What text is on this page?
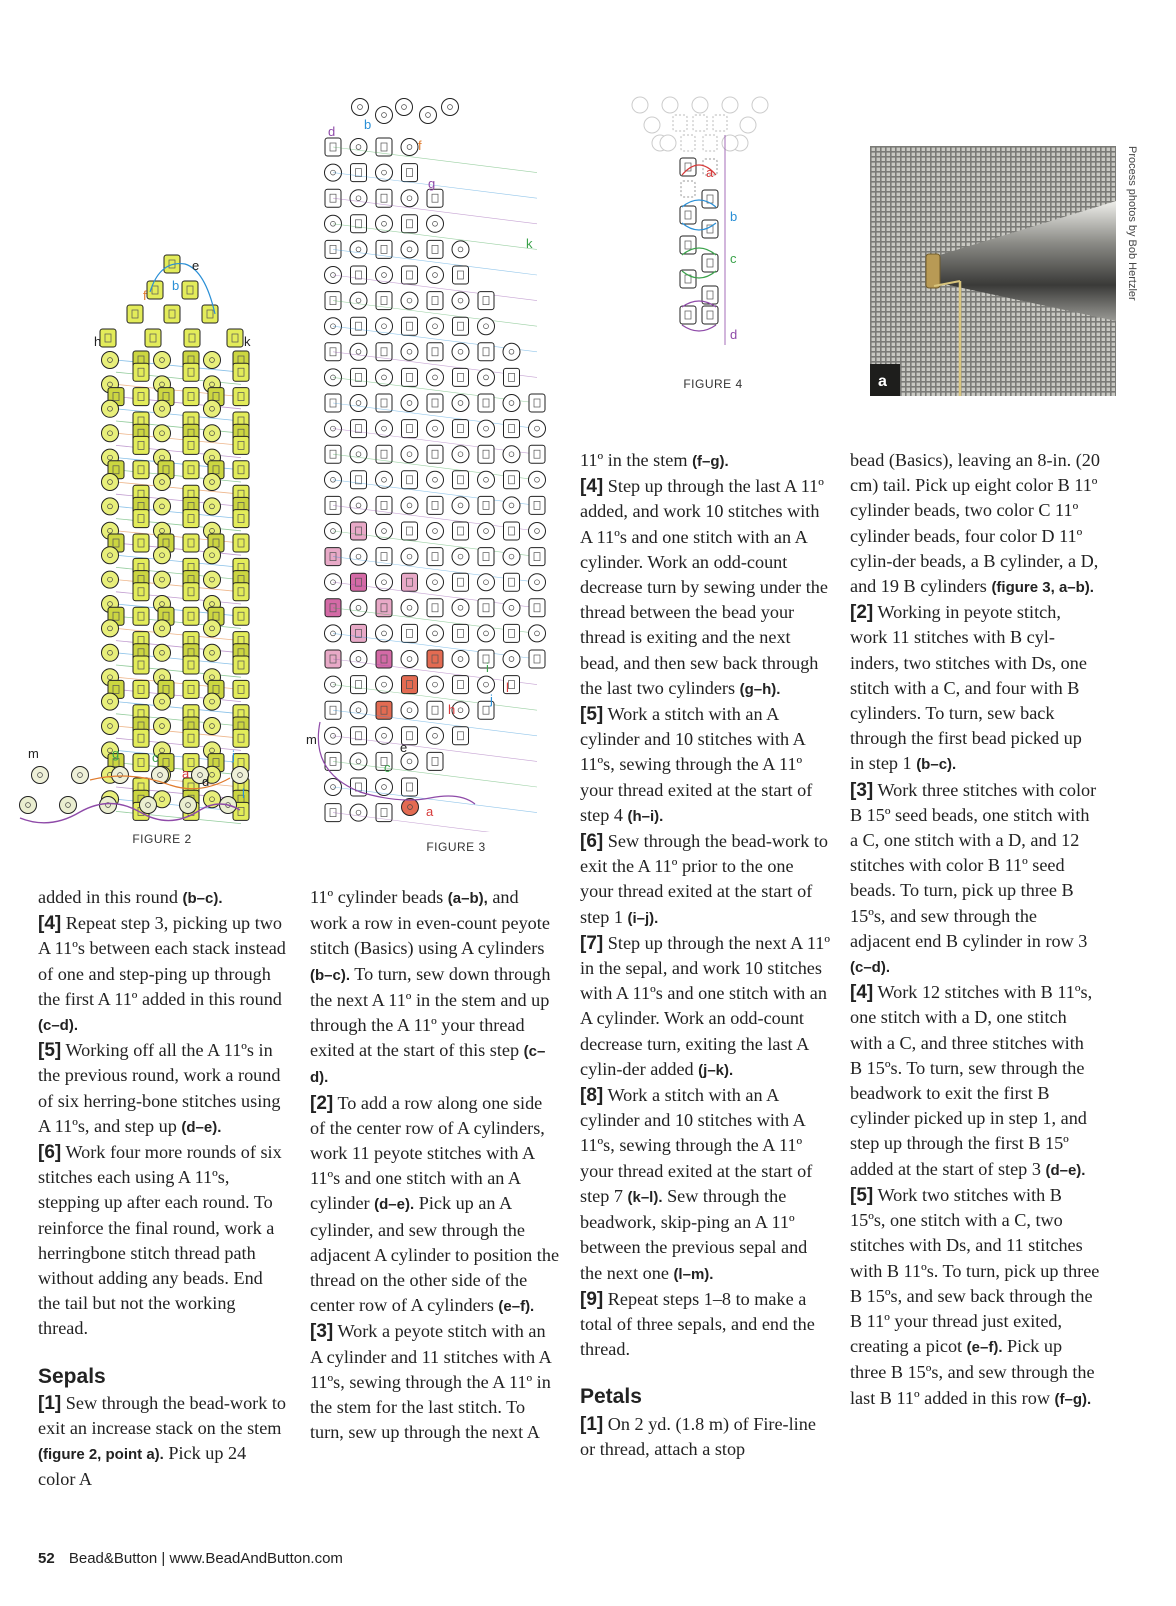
e
b
f
h	k
m	g	c
a
d
j
l
FIGURE 2
d b
f
g
k
i
j
h
l
m
e
c
a
FIGURE 3
a
b
c
d
FIGURE 4	a
Process photos by Bob Hertzler

added in this round (b–c).

[4] Repeat step 3, picking up two A 11ºs between each stack instead of one and step-ping up through the first A 11º added in this round (c–d).

[5] Working off all the A 11ºs in the previous round, work a round of six herring-bone stitches using A 11ºs, and step up (d–e).

[6] Work four more rounds of six stitches each using A 11ºs, stepping up after each round. To reinforce the final round, work a herringbone stitch thread path without adding any beads. End the tail but not the working thread.

Sepals

[1] Sew through the bead-work to exit an increase stack on the stem (figure 2, point a). Pick up 24 color A

11º cylinder beads (a–b), and work a row in even-count peyote stitch (Basics) using A cylinders (b–c). To turn, sew down through the next A 11º in the stem and up through the A 11º your thread exited at the start of this step (c–d).

[2] To add a row along one side of the center row of A cylinders, work 11 peyote stitches with A 11ºs and one stitch with an A cylinder (d–e). Pick up an A cylinder, and sew through the adjacent A cylinder to position the thread on the other side of the center row of A cylinders (e–f).

[3] Work a peyote stitch with an A cylinder and 11 stitches with A 11ºs, sewing through the A 11º in the stem for the last stitch. To turn, sew up through the next A

11º in the stem (f–g).

[4] Step up through the last A 11º added, and work 10 stitches with A 11ºs and one stitch with an A cylinder. Work an odd-count decrease turn by sewing under the thread between the bead your thread is exiting and the next bead, and then sew back through the last two cylinders (g–h).

[5] Work a stitch with an A cylinder and 10 stitches with A 11ºs, sewing through the A 11º your thread exited at the start of step 4 (h–i).

[6] Sew through the bead-work to exit the A 11º prior to the one your thread exited at the start of step 1 (i–j).

[7] Step up through the next A 11º in the sepal, and work 10 stitches with A 11ºs and one stitch with an A cylinder. Work an odd-count decrease turn, exiting the last A cylin-der added (j–k).

[8] Work a stitch with an A cylinder and 10 stitches with A 11ºs, sewing through the A 11º your thread exited at the start of step 7 (k–l). Sew through the beadwork, skip-ping an A 11º between the previous sepal and the next one (l–m).

[9] Repeat steps 1–8 to make a total of three sepals, and end the thread.

Petals

[1] On 2 yd. (1.8 m) of Fire-line or thread, attach a stop

bead (Basics), leaving an 8-in. (20 cm) tail. Pick up eight color B 11º cylinder beads, two color C 11º cylinder beads, four color D 11º cylin-der beads, a B cylinder, a D, and 19 B cylinders (figure 3, a–b).

[2] Working in peyote stitch, work 11 stitches with B cyl-inders, two stitches with Ds, one stitch with a C, and four with B cylinders. To turn, sew back through the first bead picked up in step 1 (b–c).

[3] Work three stitches with color B 15º seed beads, one stitch with a C, one stitch with a D, and 12 stitches with color B 11º seed beads. To turn, pick up three B 15ºs, and sew through the adjacent end B cylinder in row 3 (c–d).

[4] Work 12 stitches with B 11ºs, one stitch with a D, one stitch with a C, and three stitches with B 15ºs. To turn, sew through the beadwork to exit the first B cylinder picked up in step 1, and step up through the first B 15º added at the start of step 3 (d–e).

[5] Work two stitches with B 15ºs, one stitch with a C, two stitches with Ds, and 11 stitches with B 11ºs. To turn, pick up three B 15ºs, and sew back through the B 11º your thread just exited, creating a picot (e–f). Pick up three B 15ºs, and sew through the last B 11º added in this row (f–g).

52 Bead&Button | www.BeadAndButton.com
